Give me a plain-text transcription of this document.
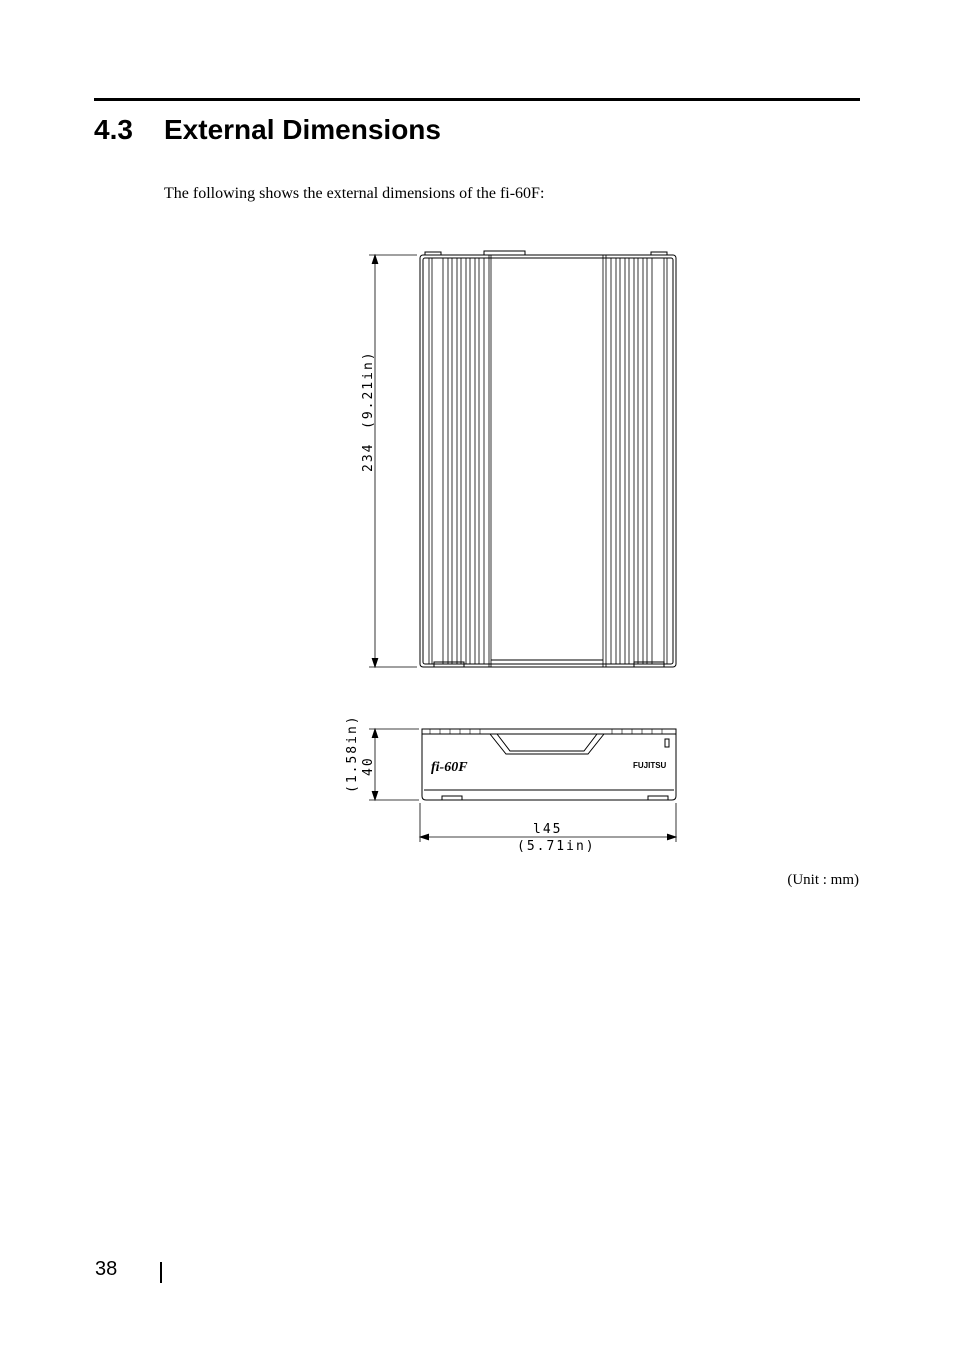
4.3 External Dimensions
The following shows the external dimensions of the fi-60F:
234
(9.21in)
fi-60F	FUJITSU
40
(1.58in)
l45
(5.71in)
(Unit : mm)
38
